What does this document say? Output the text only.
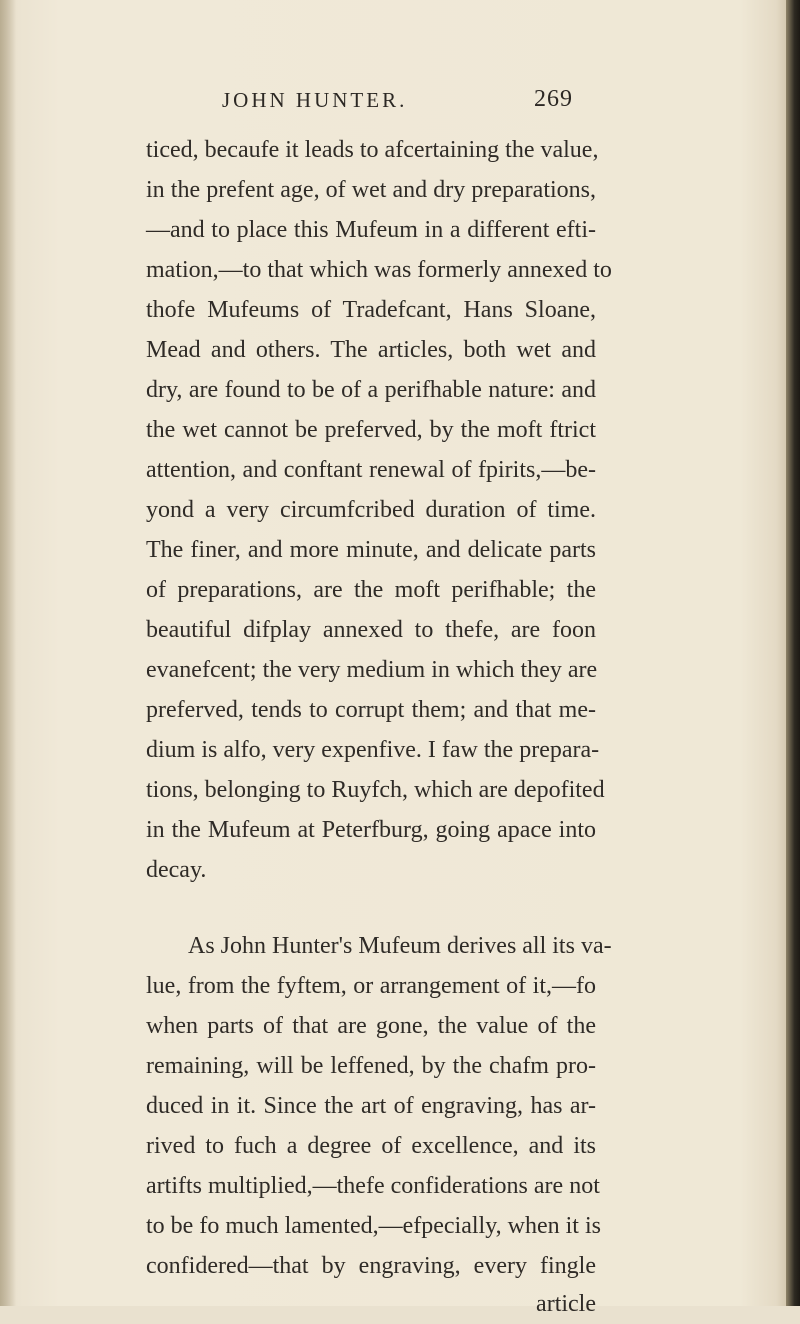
JOHN HUNTER.	269
ticed, becaufe it leads to afcertaining the value,
in the prefent age, of wet and dry preparations,
—and to place this Mufeum in a different efti-
mation,—to that which was formerly annexed to
thofe Mufeums of Tradefcant, Hans Sloane,
Mead and others. The articles, both wet and
dry, are found to be of a perifhable nature: and
the wet cannot be preferved, by the moft ftrict
attention, and conftant renewal of fpirits,—be-
yond a very circumfcribed duration of time.
The finer, and more minute, and delicate parts
of preparations, are the moft perifhable; the
beautiful difplay annexed to thefe, are foon
evanefcent; the very medium in which they are
preferved, tends to corrupt them; and that me-
dium is alfo, very expenfive. I faw the prepara-
tions, belonging to Ruyfch, which are depofited
in the Mufeum at Peterfburg, going apace into
decay.
As John Hunter's Mufeum derives all its va-
lue, from the fyftem, or arrangement of it,—fo
when parts of that are gone, the value of the
remaining, will be leffened, by the chafm pro-
duced in it. Since the art of engraving, has ar-
rived to fuch a degree of excellence, and its
artifts multiplied,—thefe confiderations are not
to be fo much lamented,—efpecially, when it is
confidered—that by engraving, every fingle
article
